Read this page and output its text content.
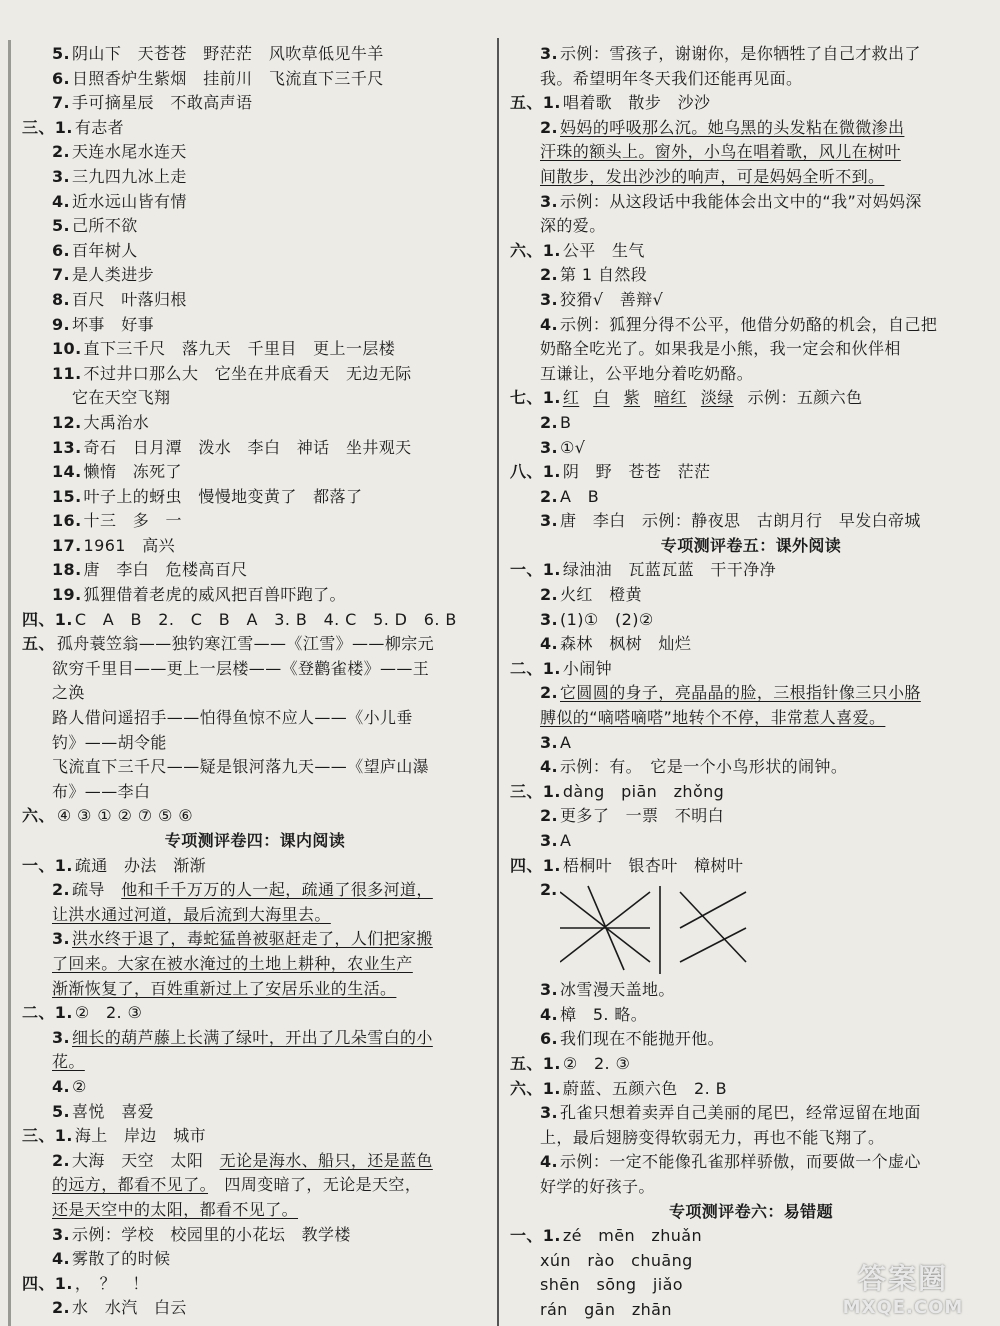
5. 阴山下　天苍苍　野茫茫　风吹草低见牛羊
6. 日照香炉生紫烟　挂前川　飞流直下三千尺
7. 手可摘星辰　不敢高声语
三、1. 有志者
2. 天连水尾水连天
3. 三九四九冰上走
4. 近水远山皆有情
5. 己所不欲
6. 百年树人
7. 是人类进步
8. 百尺　叶落归根
9. 坏事　好事
10. 直下三千尺　落九天　千里目　更上一层楼
11. 不过井口那么大　它坐在井底看天　无边无际
它在天空飞翔
12. 大禹治水
13. 奇石　日月潭　泼水　李白　神话　坐井观天
14. 懒惰　冻死了
15. 叶子上的蚜虫　慢慢地变黄了　都落了
16. 十三　多　一
17. 1961　高兴
18. 唐　李白　危楼高百尺
19. 狐狸借着老虎的威风把百兽吓跑了。
四、1. C　A　B　2.　C　B　A　3. B　4. C　5. D　6. B
五、 孤舟蓑笠翁——独钓寒江雪——《江雪》——柳宗元
欲穷千里目——更上一层楼——《登鹳雀楼》——王
之涣
路人借问遥招手——怕得鱼惊不应人——《小儿垂
钓》——胡令能
飞流直下三千尺——疑是银河落九天——《望庐山瀑
布》——李白
六、 ④ ③ ① ② ⑦ ⑤ ⑥
专项测评卷四：课内阅读
一、1. 疏通　办法　渐渐
2. 疏导　他和千千万万的人一起，疏通了很多河道，
让洪水通过河道，最后流到大海里去。
3. 洪水终于退了，毒蛇猛兽被驱赶走了，人们把家搬
了回来。大家在被水淹过的土地上耕种，农业生产
渐渐恢复了，百姓重新过上了安居乐业的生活。
二、1. ②　2. ③
3. 细长的葫芦藤上长满了绿叶，开出了几朵雪白的小
花。
4. ②
5. 喜悦　喜爱
三、1. 海上　岸边　城市
2. 大海　天空　太阳　无论是海水、船只，还是蓝色
的远方，都看不见了。　四周变暗了，无论是天空，
还是天空中的太阳，都看不见了。
3. 示例：学校　校园里的小花坛　教学楼
4. 雾散了的时候
四、1. ，　？　！
2. 水　水汽　白云
3. 示例：雪孩子，谢谢你，是你牺牲了自己才救出了
我。希望明年冬天我们还能再见面。
五、1. 唱着歌　散步　沙沙
2. 妈妈的呼吸那么沉。她乌黑的头发粘在微微渗出
汗珠的额头上。窗外，小鸟在唱着歌，风儿在树叶
间散步，发出沙沙的响声，可是妈妈全听不到。
3. 示例：从这段话中我能体会出文中的“我”对妈妈深
深的爱。
六、1. 公平　生气
2. 第 1 自然段
3. 狡猾√　善辩√
4. 示例：狐狸分得不公平，他借分奶酪的机会，自己把
奶酪全吃光了。如果我是小熊，我一定会和伙伴相
互谦让，公平地分着吃奶酪。
七、1. 红 白 紫 暗红 淡绿 示例：五颜六色
2. B
3. ①√
八、1. 阴　野　苍苍　茫茫
2. A　B
3. 唐　李白　示例：静夜思　古朗月行　早发白帝城
专项测评卷五：课外阅读
一、1. 绿油油　瓦蓝瓦蓝　干干净净
2. 火红　橙黄
3. (1)①　(2)②
4. 森林　枫树　灿烂
二、1. 小闹钟
2. 它圆圆的身子，亮晶晶的脸，三根指针像三只小胳
膊似的“嘀嗒嘀嗒”地转个不停，非常惹人喜爱。
3. A
4. 示例：有。　它是一个小鸟形状的闹钟。
三、1. dàng　piān　zhǒng
2. 更多了　一票　不明白
3. A
四、1. 梧桐叶　银杏叶　樟树叶
2.
3. 冰雪漫天盖地。
4. 樟　5. 略。
6. 我们现在不能抛开他。
五、1. ②　2. ③
六、1. 蔚蓝、五颜六色　2. B
3. 孔雀只想着卖弄自己美丽的尾巴，经常逗留在地面
上，最后翅膀变得软弱无力，再也不能飞翔了。
4. 示例：一定不能像孔雀那样骄傲，而要做一个虚心
好学的好孩子。
专项测评卷六：易错题
一、1. zé　mēn　zhuǎn
xún　rào　chuāng
shēn　sōng　jiǎo
rán　gān　zhān
答案圈
MXQE.COM
